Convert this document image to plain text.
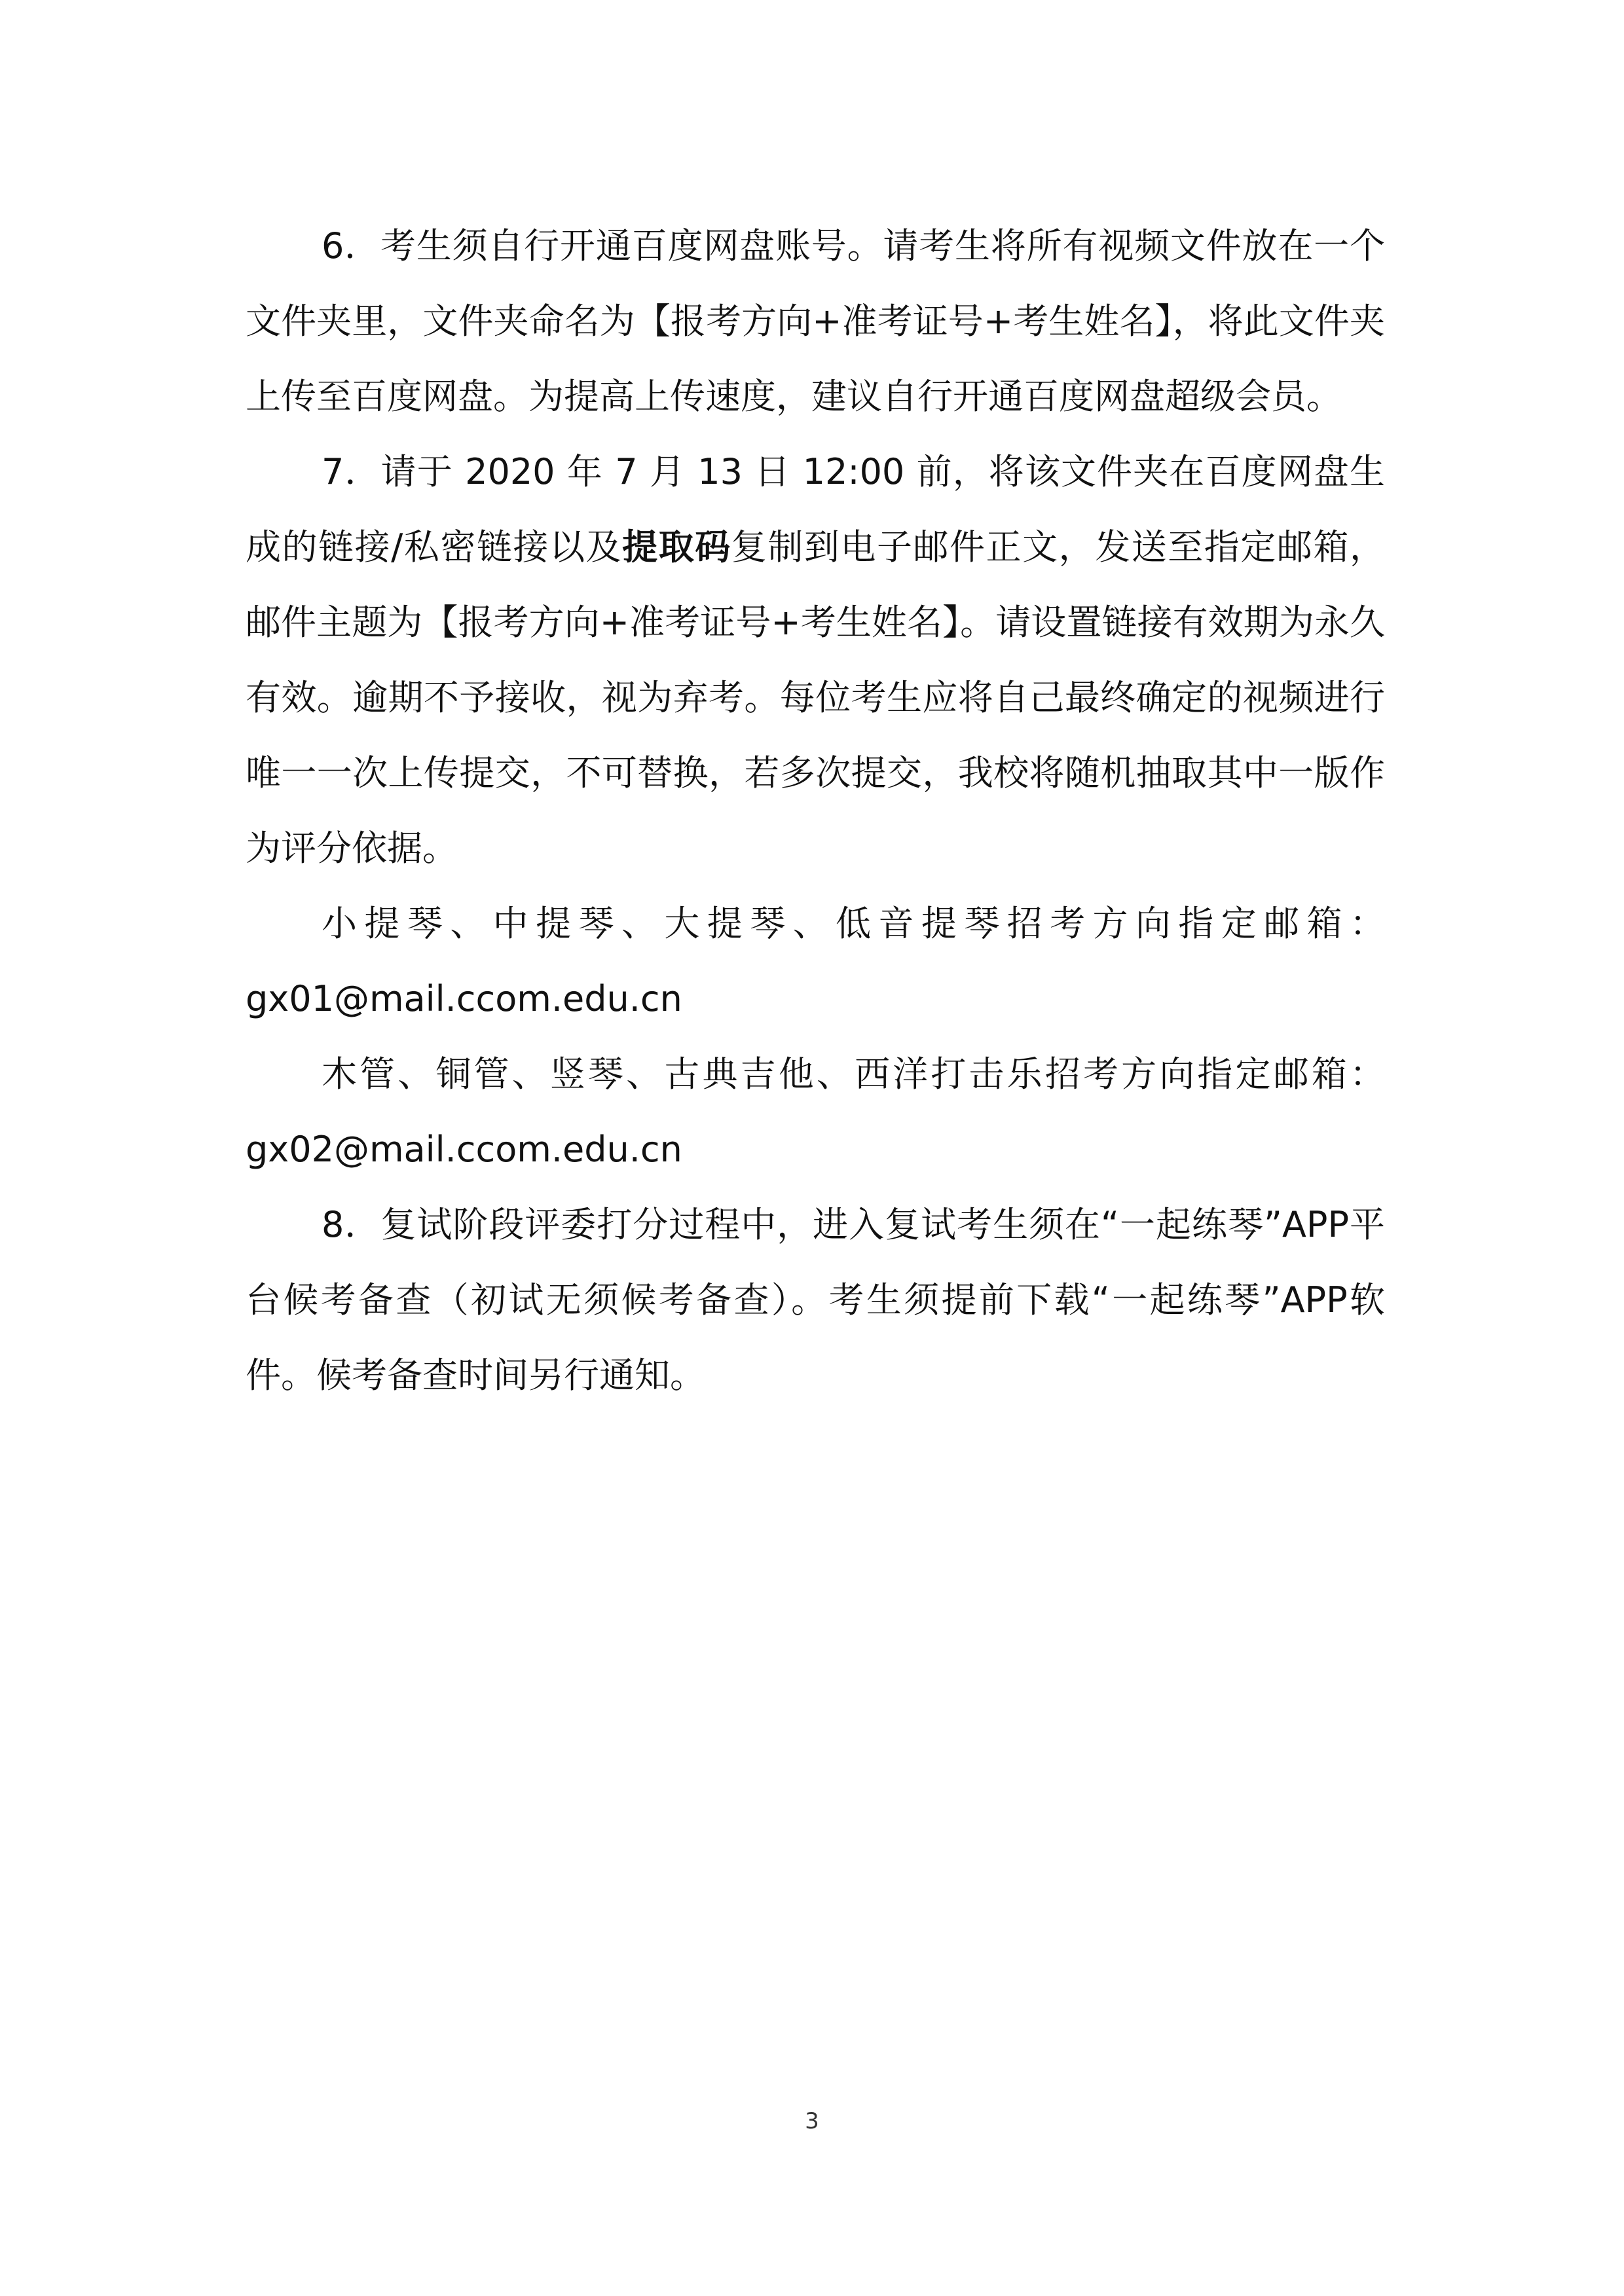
6．考生须自行开通百度网盘账号。请考生将所有视频文件放在一个文件夹里，文件夹命名为【报考方向+准考证号+考生姓名】，将此文件夹上传至百度网盘。为提高上传速度，建议自行开通百度网盘超级会员。

7．请于 2020 年 7 月 13 日 12:00 前，将该文件夹在百度网盘生成的链接/私密链接以及提取码复制到电子邮件正文，发送至指定邮箱，邮件主题为【报考方向+准考证号+考生姓名】。请设置链接有效期为永久有效。逾期不予接收，视为弃考。每位考生应将自己最终确定的视频进行唯一一次上传提交，不可替换，若多次提交，我校将随机抽取其中一版作为评分依据。

小提琴、中提琴、大提琴、低音提琴招考方向指定邮箱：

gx01@mail.ccom.edu.cn

木管、铜管、竖琴、古典吉他、西洋打击乐招考方向指定邮箱：

gx02@mail.ccom.edu.cn

8．复试阶段评委打分过程中，进入复试考生须在“一起练琴”APP平台候考备查（初试无须候考备查）。考生须提前下载“一起练琴”APP软件。候考备查时间另行通知。

3
